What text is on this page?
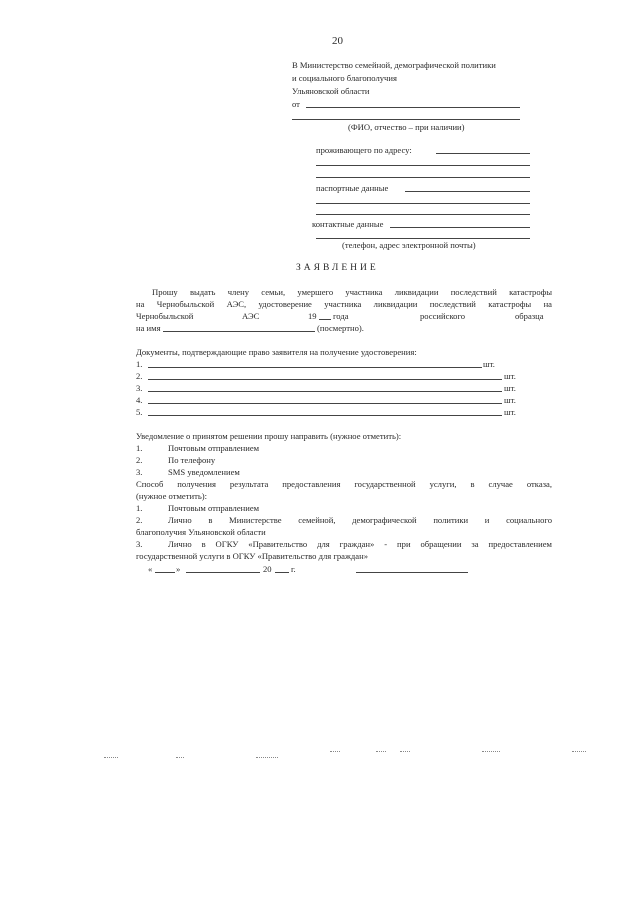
20
В Министерство семейной, демографической политики
и социального благополучия
Ульяновской области
от
(ФИО, отчество – при наличии)
проживающего по адресу:
паспортные данные
контактные данные
(телефон, адрес электронной почты)
ЗАЯВЛЕНИЕ
Прошу выдать члену семьи, умершего участника ликвидации последствий катастрофы
на Чернобыльской АЭС, удостоверение участника ликвидации последствий катастрофы на
Чернобыльской	АЭС	19 года	российского	образца
на имя	(посмертно).
Документы, подтверждающие право заявителя на получение удостоверения:
1.	шт.
2.	шт.
3.	шт.
4.	шт.
5.	шт.
Уведомление о принятом решении прошу направить (нужное отметить):
1.	Почтовым отправлением
2.	По телефону
3.	SMS уведомлением
Способ получения результата предоставления государственной услуги, в случае отказа,
(нужное отметить):
1.	Почтовым отправлением
2.	Лично в Министерстве семейной, демографической политики и социального
благополучия Ульяновской области
3.	Лично в ОГКУ «Правительство для граждан» - при обращении за предоставлением
государственной услуги в ОГКУ «Правительство для граждан»
«	»	20 г.
